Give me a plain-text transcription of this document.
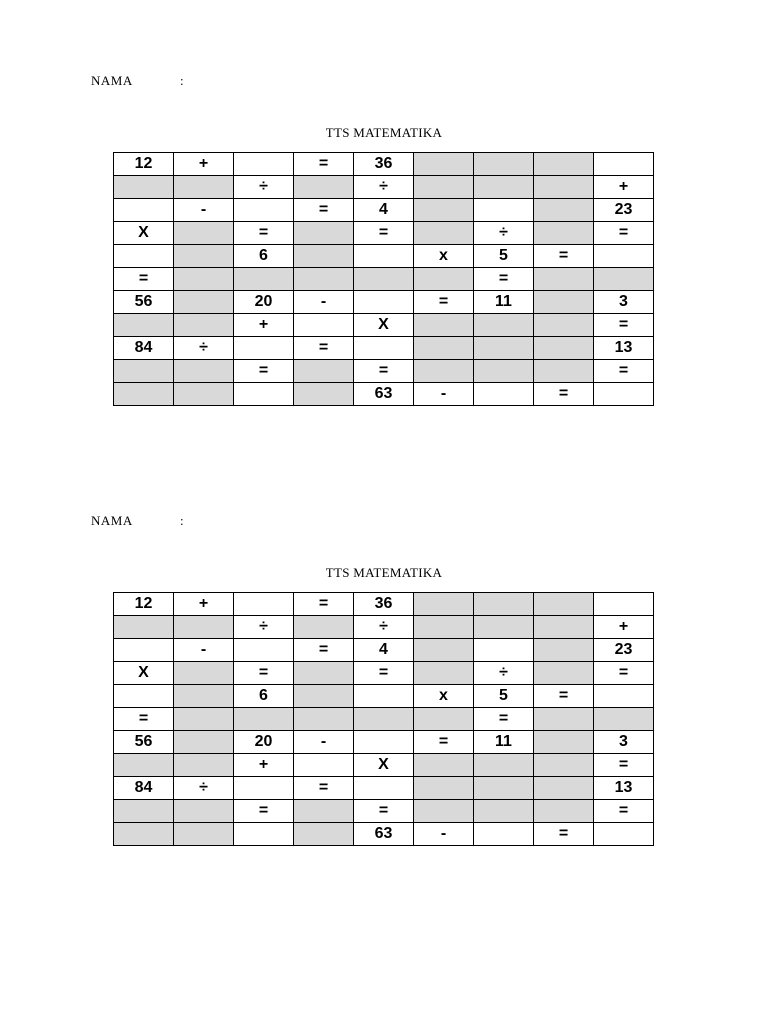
NAMA	:
TTS MATEMATIKA
12	+		=	36				
		÷		÷				+
	-		=	4				23
X		=		=		÷		=
		6			x	5	=	
=						=		
56		20	-		=	11		3
		+		X				=
84	÷		=					13
		=		=				=
				63	-		=	
NAMA	:
TTS MATEMATIKA
12	+		=	36				
		÷		÷				+
	-		=	4				23
X		=		=		÷		=
		6			x	5	=	
=						=		
56		20	-		=	11		3
		+		X				=
84	÷		=					13
		=		=				=
				63	-		=	
